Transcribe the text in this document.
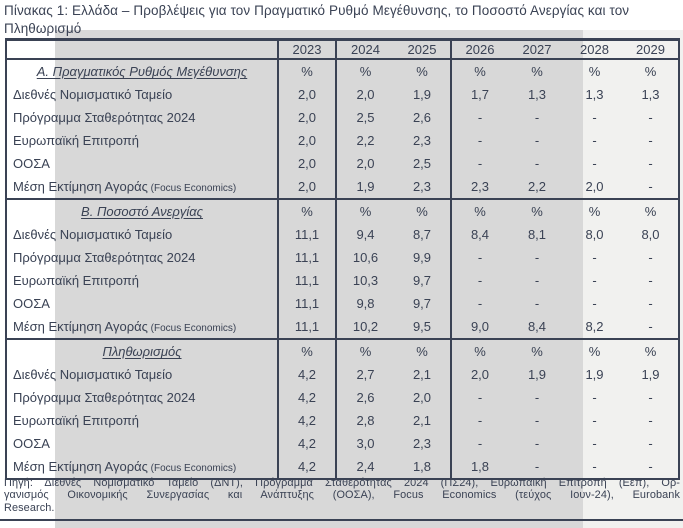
Πίνακας 1: Ελλάδα – Προβλέψεις για τον Πραγματικό Ρυθμό Μεγέθυνσης, το Ποσοστό Ανεργίας και τον Πληθωρισμό
	2023	2024	2025	2026	2027	2028	2029
Α. Πραγματικός Ρυθμός Μεγέθυνσης	%	%	%	%	%	%	%
Διεθνές Νομισματικό Ταμείο	2,0	2,0	1,9	1,7	1,3	1,3	1,3
Πρόγραμμα Σταθερότητας 2024	2,0	2,5	2,6	-	-	-	-
Ευρωπαϊκή Επιτροπή	2,0	2,2	2,3	-	-	-	-
ΟΟΣΑ	2,0	2,0	2,5	-	-	-	-
Μέση Εκτίμηση Αγοράς (Focus Economics)	2,0	1,9	2,3	2,3	2,2	2,0	-
Β. Ποσοστό Ανεργίας	%	%	%	%	%	%	%
Διεθνές Νομισματικό Ταμείο	11,1	9,4	8,7	8,4	8,1	8,0	8,0
Πρόγραμμα Σταθερότητας 2024	11,1	10,6	9,9	-	-	-	-
Ευρωπαϊκή Επιτροπή	11,1	10,3	9,7	-	-	-	-
ΟΟΣΑ	11,1	9,8	9,7	-	-	-	-
Μέση Εκτίμηση Αγοράς (Focus Economics)	11,1	10,2	9,5	9,0	8,4	8,2	-
Πληθωρισμός	%	%	%	%	%	%	%
Διεθνές Νομισματικό Ταμείο	4,2	2,7	2,1	2,0	1,9	1,9	1,9
Πρόγραμμα Σταθερότητας 2024	4,2	2,6	2,0	-	-	-	-
Ευρωπαϊκή Επιτροπή	4,2	2,8	2,1	-	-	-	-
ΟΟΣΑ	4,2	3,0	2,3	-	-	-	-
Μέση Εκτίμηση Αγοράς (Focus Economics)	4,2	2,4	1,8	1,8	-	-	-
Πηγή: Διεθνές Νομισματικό Ταμείο (ΔΝΤ), Πρόγραμμα Σταθερότητας 2024 (ΠΣ24), Ευρωπαϊκή Επιτροπή (Εεπ), Ορ-
γανισμός Οικονομικής Συνεργασίας και Ανάπτυξης (ΟΟΣΑ), Focus Economics (τεύχος Ιουν-24), Eurobank
Research.
